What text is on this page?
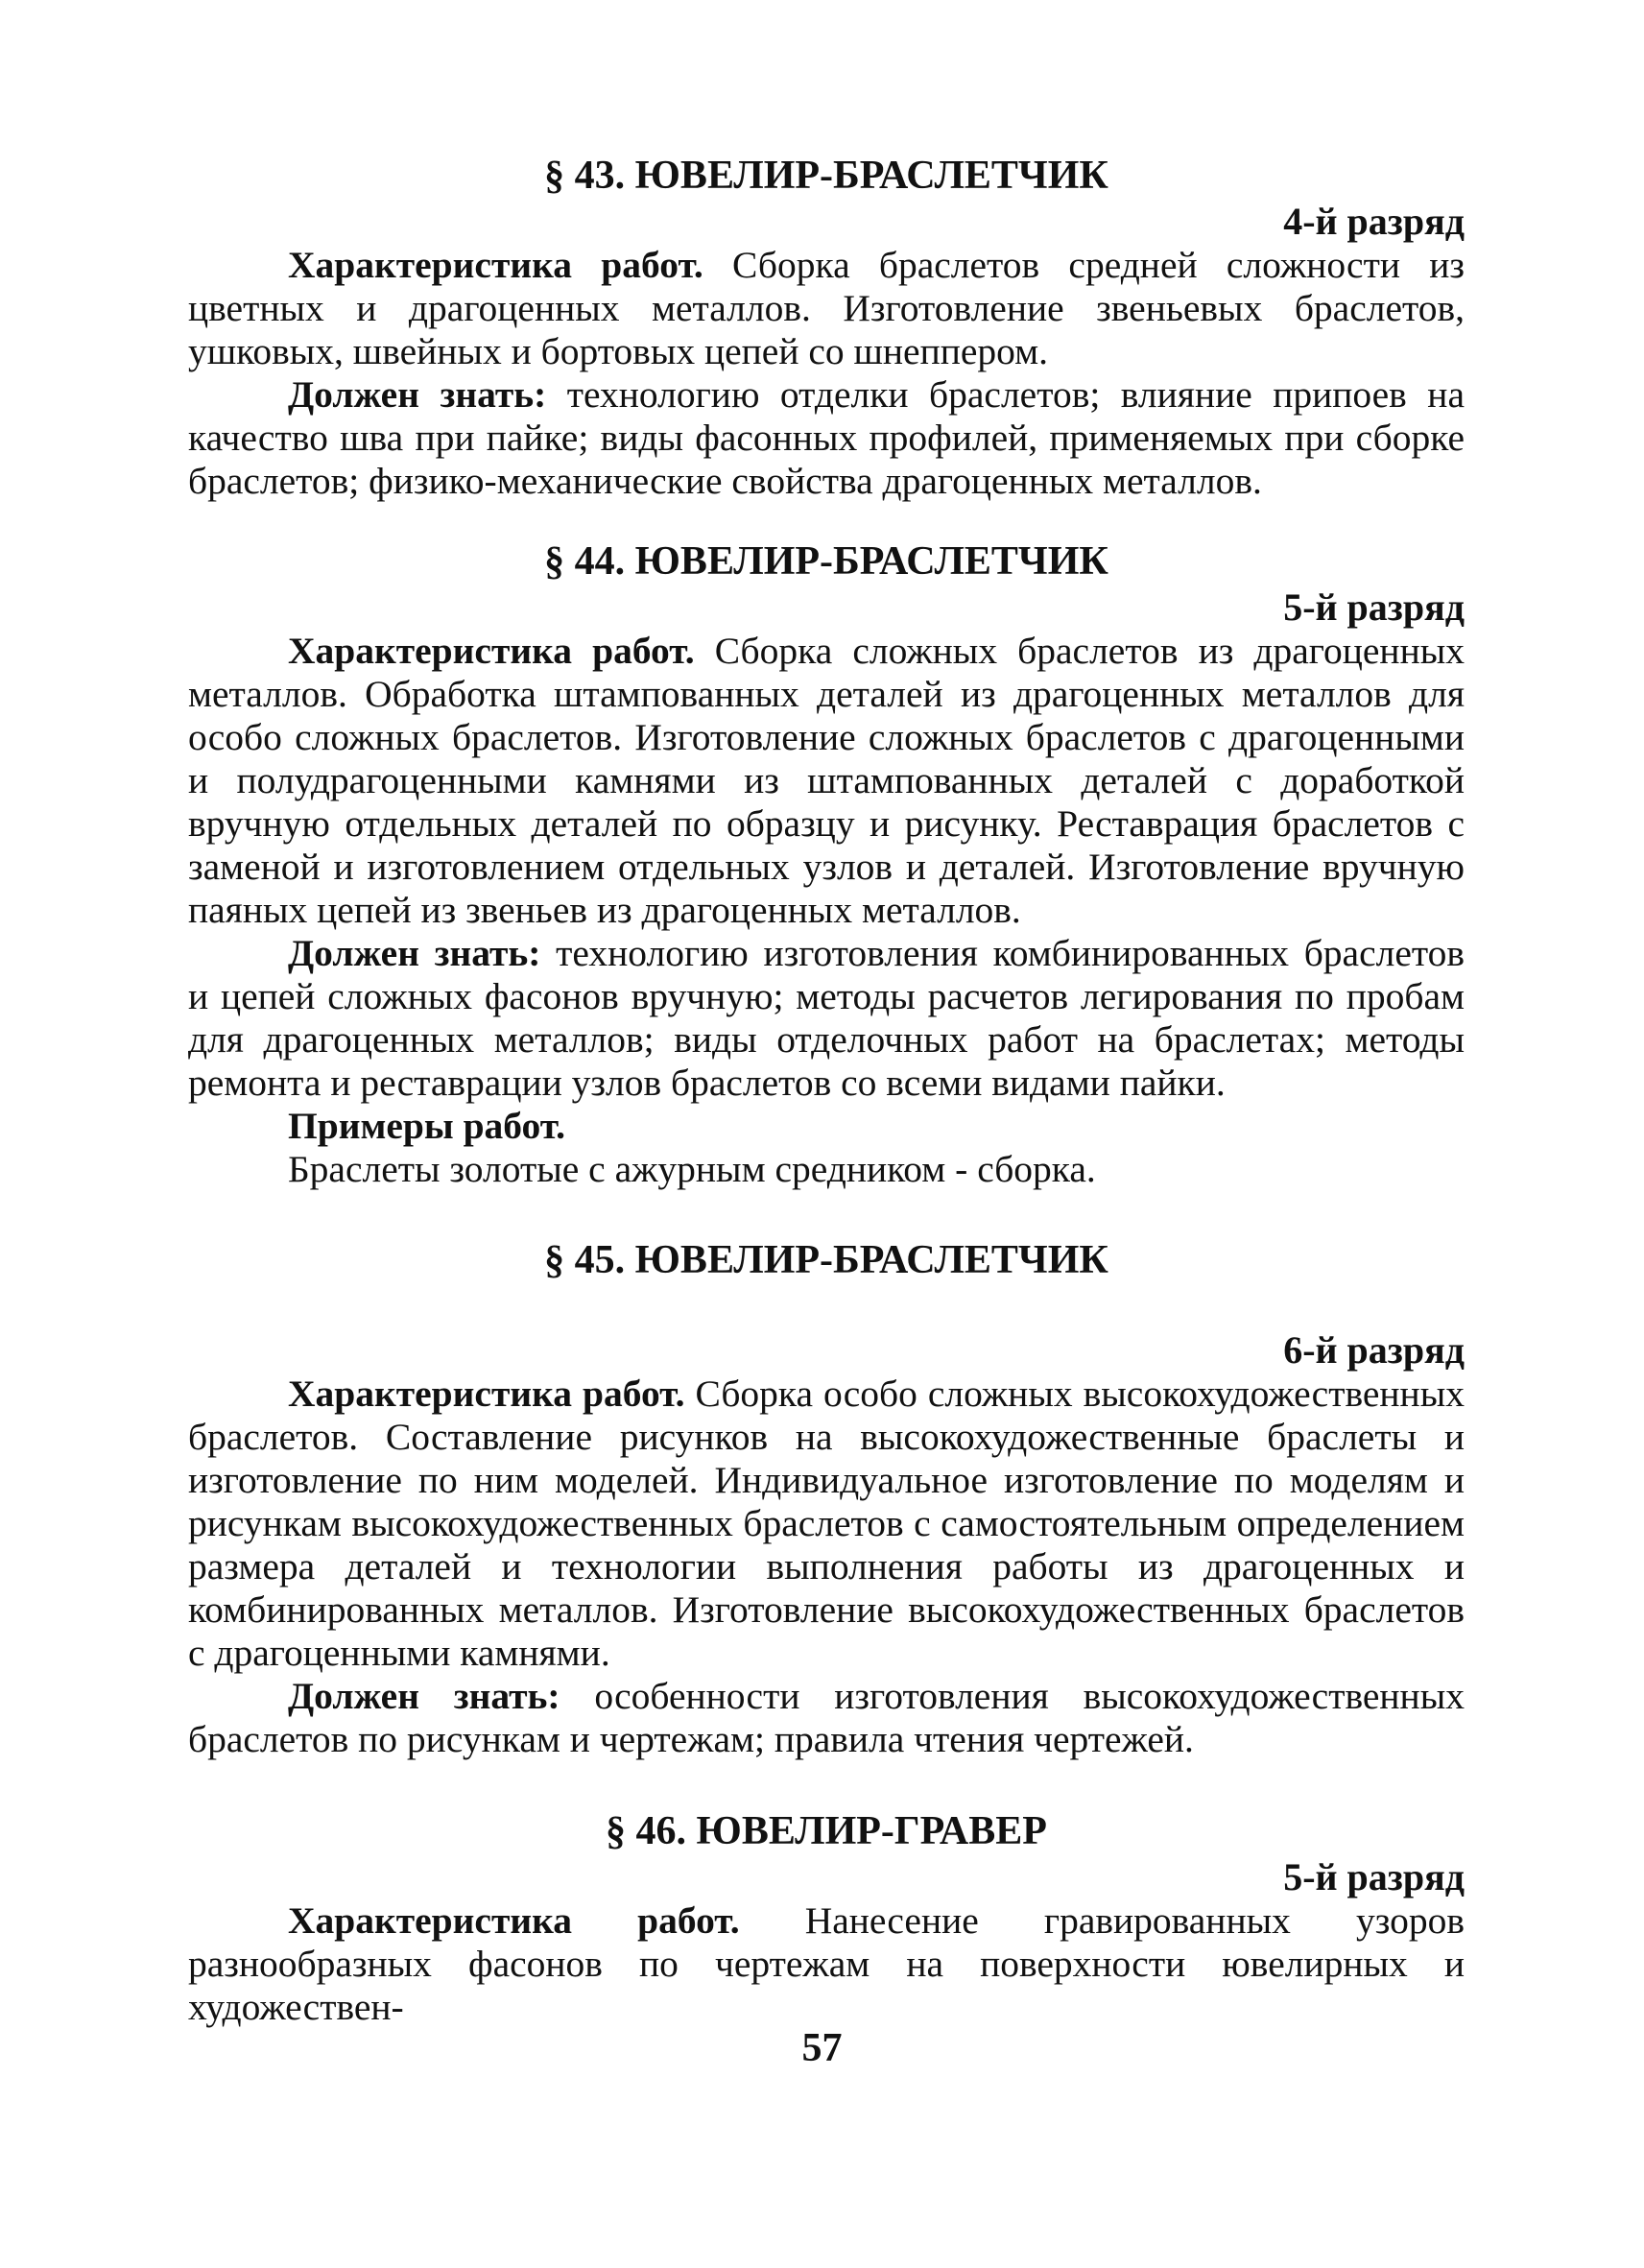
§ 43. ЮВЕЛИР-БРАСЛЕТЧИК

4-й разряд

Характеристика работ. Сборка браслетов средней сложности из цветных и драгоценных металлов. Изготовление звеньевых браслетов, ушковых, швейных и бортовых цепей со шнеппером.

Должен знать: технологию отделки браслетов; влияние припоев на качество шва при пайке; виды фасонных профилей, применяемых при сборке браслетов; физико-механические свойства драгоценных металлов.

§ 44. ЮВЕЛИР-БРАСЛЕТЧИК

5-й разряд

Характеристика работ. Сборка сложных браслетов из драгоценных металлов. Обработка штампованных деталей из драгоценных металлов для особо сложных браслетов. Изготовление сложных браслетов с драгоценными и полудрагоценными камнями из штампованных деталей с доработкой вручную отдельных деталей по образцу и рисунку. Реставрация браслетов с заменой и изготовлением отдельных узлов и деталей. Изготовление вручную паяных цепей из звеньев из драгоценных металлов.

Должен знать: технологию изготовления комбинированных браслетов и цепей сложных фасонов вручную; методы расчетов легирования по пробам для драгоценных металлов; виды отделочных работ на браслетах; методы ремонта и реставрации узлов браслетов со всеми видами пайки.

Примеры работ.

Браслеты золотые с ажурным средником - сборка.

§ 45. ЮВЕЛИР-БРАСЛЕТЧИК

6-й разряд

Характеристика работ. Сборка особо сложных высокохудожественных браслетов. Составление рисунков на высокохудожественные браслеты и изготовление по ним моделей. Индивидуальное изготовление по моделям и рисункам высокохудожественных браслетов с самостоятельным определением размера деталей и технологии выполнения работы из драгоценных и комбинированных металлов. Изготовление высокохудожественных браслетов с драгоценными камнями.

Должен знать: особенности изготовления высокохудожественных браслетов по рисункам и чертежам; правила чтения чертежей.

§ 46. ЮВЕЛИР-ГРАВЕР

5-й разряд

Характеристика работ. Нанесение гравированных узоров разнообразных фасонов по чертежам на поверхности ювелирных и художествен-

57
